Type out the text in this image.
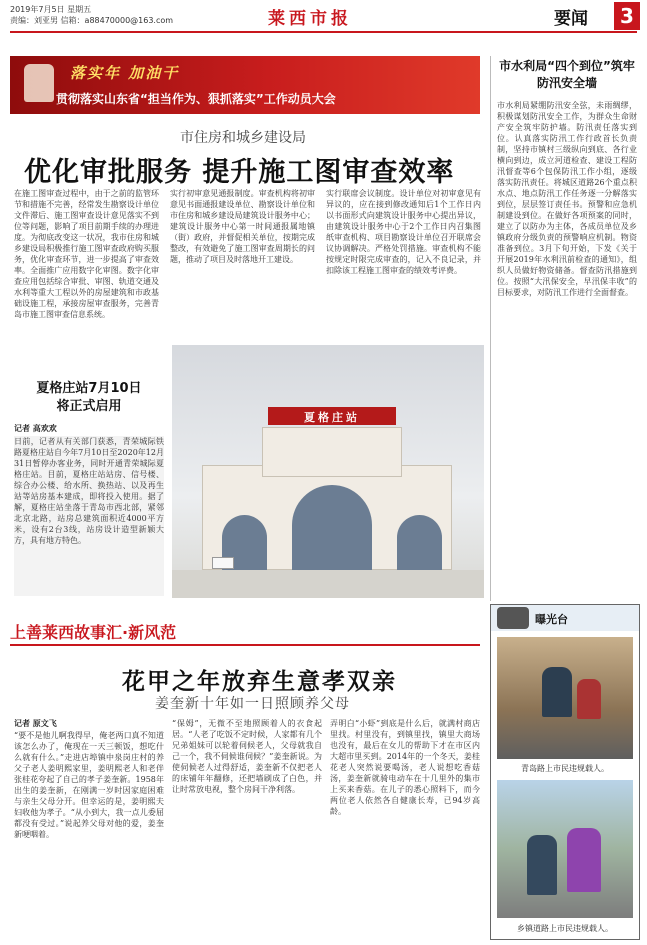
2019年7月5日 星期五
责编：刘亚男 信箱：a88470000@163.com	莱西市报	要闻	3
落实年 加油干
贯彻落实山东省“担当作为、狠抓落实”工作动员大会
市水利局“四个到位”筑牢防汛安全墙
市水利局紧绷防汛安全弦，未雨绸缪，积极谋划防汛安全工作，为群众生命财产安全筑牢防护墙。防汛责任落实到位。认真落实防汛工作行政首长负责制，坚持市镇村三级纵向到底、各行业横向到边，成立河道检查、建设工程防汛督查等6个包保防汛工作小组，逐级落实防汛责任。将城区道路26个重点积水点、地点防汛工作任务逐一分解落实到位，层层签订责任书。预警和应急机制建设到位。在做好各项预案的同时，建立了以防办为主体，各成员单位及乡镇政府分级负责的预警响应机制。物资准备到位。3月下旬开始，下发《关于开展2019年水利汛前检查的通知》，组织人员做好物资储备。督查防汛措施到位。按照“大汛保安全，早汛保丰收”的目标要求，对防汛工作进行全面督查。
市住房和城乡建设局
优化审批服务 提升施工图审查效率
在施工图审查过程中，由于之前的监管环节和措施不完善，经常发生勘察设计单位文件滞后、施工图审查设计意见落实不到位等问题，影响了项目前期手续的办理进度。为彻底改变这一状况，我市住房和城乡建设局积极推行施工图审查政府购买服务，优化审查环节，进一步提高了审查效率。全面推广应用数字化审图。数字化审查应用包括综合审批、审图、轨道交通及水利等重大工程以外的房屋建筑和市政基础设施工程，承接房屋审查服务，完善青岛市施工图审查信息系统。
实行初审意见通报制度。审查机构将初审意见书面通报建设单位、勘察设计单位和市住房和城乡建设局建筑设计服务中心；建筑设计服务中心第一时间通报属地镇（街）政府，并督促相关单位，按期完成整改，有效避免了施工图审查周期长的问题，推动了项目及时落地开工建设。
实行联席会议制度。设计单位对初审意见有异议的，应在接到修改通知后1个工作日内以书面形式向建筑设计服务中心提出异议，由建筑设计服务中心于2个工作日内召集图纸审查机构、项目勘察设计单位召开联席会议协调解决。严格处罚措施。审查机构不能按规定时限完成审查的，记入不良记录，并扣除该工程施工图审查的绩效考评费。
夏格庄站7月10日
将正式启用
记者 高欢欢
日前，记者从有关部门获悉，青荣城际铁路夏格庄站自今年7月10日至2020年12月31日暂停办客业务，同时开通青荣城际夏格庄站。目前，夏格庄站站房、信号楼、综合办公楼、给水所、换热站、以及再生站等站房基本建成，即将投入使用。据了解，夏格庄站坐落于青岛市西北部，紧邻北京北路，站房总建筑面积近4000平方米，设有2台3线，站房设计造型新颖大方，具有地方特色。
夏格庄站
上善莱西故事汇·新风范
花甲之年放弃生意孝双亲
姜奎新十年如一日照顾养父母
记者 原文飞
“要不是他儿啊我得早，俺老两口真不知道该怎么办了，俺现在一天三顿饭，想吃什么就有什么。”走进店埠镇中泉岗庄村的养父子老人姜明熙家里，姜明熙老人和老伴张桂花夸起了自己的孝子姜奎新。1958年出生的姜奎新，在刚满一岁时因家庭困难与亲生父母分开。但幸运的是，姜明熙夫妇收他为孝子。“从小到大，我一点儿委屈都没有受过。”说起养父母对他的爱，姜奎新哽咽着。
“保姆”，无微不至地照顾着人的衣食起居。“人老了吃饭不定时候，人家都有几个兄弟姐妹可以轮着伺候老人，父母就我自己一个，我不伺候谁伺候？”姜奎新说。为使伺候老人过得舒适，姜奎新不仅把老人的床铺年年翻修，还把墙刷成了白色，并让时常放电视，整个房间干净利落。
弄明白“小虾”到底是什么后，就满村商店里找。村里没有，到镇里找，镇里大商场也没有，最后在女儿的帮助下才在市区内大超市里买到。2014年的一个冬天，姜桂花老人突然说要喝汤，老人说想吃香菇汤，姜奎新就骑电动车在十几里外的集市上买来香菇。在儿子的悉心照料下，而今两位老人依然各自健康长寿，已94岁高龄。
曝光台
青岛路上市民违规载人。
乡镇道路上市民违规载人。
